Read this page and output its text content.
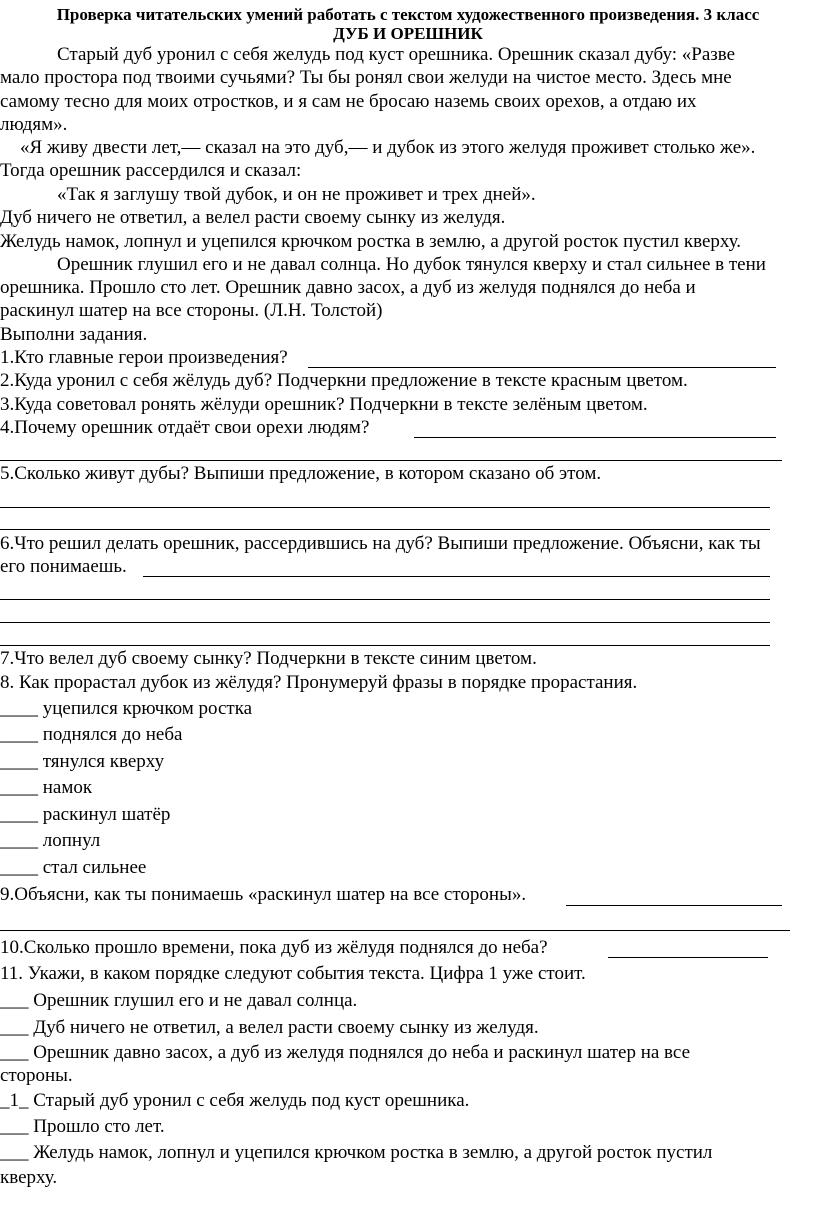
Проверка читательских умений работать с текстом художественного произведения. 3 класс
ДУБ И ОРЕШНИК
Старый дуб уронил с себя желудь под куст орешника. Орешник сказал дубу: «Разве
мало простора под твоими сучьями? Ты бы ронял свои желуди на чистое место. Здесь мне
самому тесно для моих отростков, и я сам не бросаю наземь своих орехов, а отдаю их
людям».
«Я живу двести лет,— сказал на это дуб,— и дубок из этого желудя проживет столько же».
Тогда орешник рассердился и сказал:
«Так я заглушу твой дубок, и он не проживет и трех дней».
Дуб ничего не ответил, а велел расти своему сынку из желудя.
Желудь намок, лопнул и уцепился крючком ростка в землю, а другой росток пустил кверху.
Орешник глушил его и не давал солнца. Но дубок тянулся кверху и стал сильнее в тени
орешника. Прошло сто лет. Орешник давно засох, а дуб из желудя поднялся до неба и
раскинул шатер на все стороны. (Л.Н. Толстой)
Выполни задания.
1.Кто главные герои произведения?
2.Куда уронил с себя жёлудь дуб? Подчеркни предложение в тексте красным цветом.
3.Куда советовал ронять жёлуди орешник? Подчеркни в тексте зелёным цветом.
4.Почему орешник отдаёт свои орехи людям?
5.Сколько живут дубы? Выпиши предложение, в котором сказано об этом.
6.Что решил делать орешник, рассердившись на дуб? Выпиши предложение. Объясни, как ты
его понимаешь.
7.Что велел дуб своему сынку? Подчеркни в тексте синим цветом.
8. Как прорастал дубок из жёлудя? Пронумеруй фразы в порядке прорастания.
____ уцепился крючком ростка
____ поднялся до неба
____ тянулся кверху
____ намок
____ раскинул шатёр
____ лопнул
____ стал сильнее
9.Объясни, как ты понимаешь «раскинул шатер на все стороны».
10.Сколько прошло времени, пока дуб из жёлудя поднялся до неба?
11. Укажи, в каком порядке следуют события текста. Цифра 1 уже стоит.
___ Орешник глушил его и не давал солнца.
___ Дуб ничего не ответил, а велел расти своему сынку из желудя.
___ Орешник давно засох, а дуб из желудя поднялся до неба и раскинул шатер на все
стороны.
_1_ Старый дуб уронил с себя желудь под куст орешника.
___ Прошло сто лет.
___ Желудь намок, лопнул и уцепился крючком ростка в землю, а другой росток пустил
кверху.
